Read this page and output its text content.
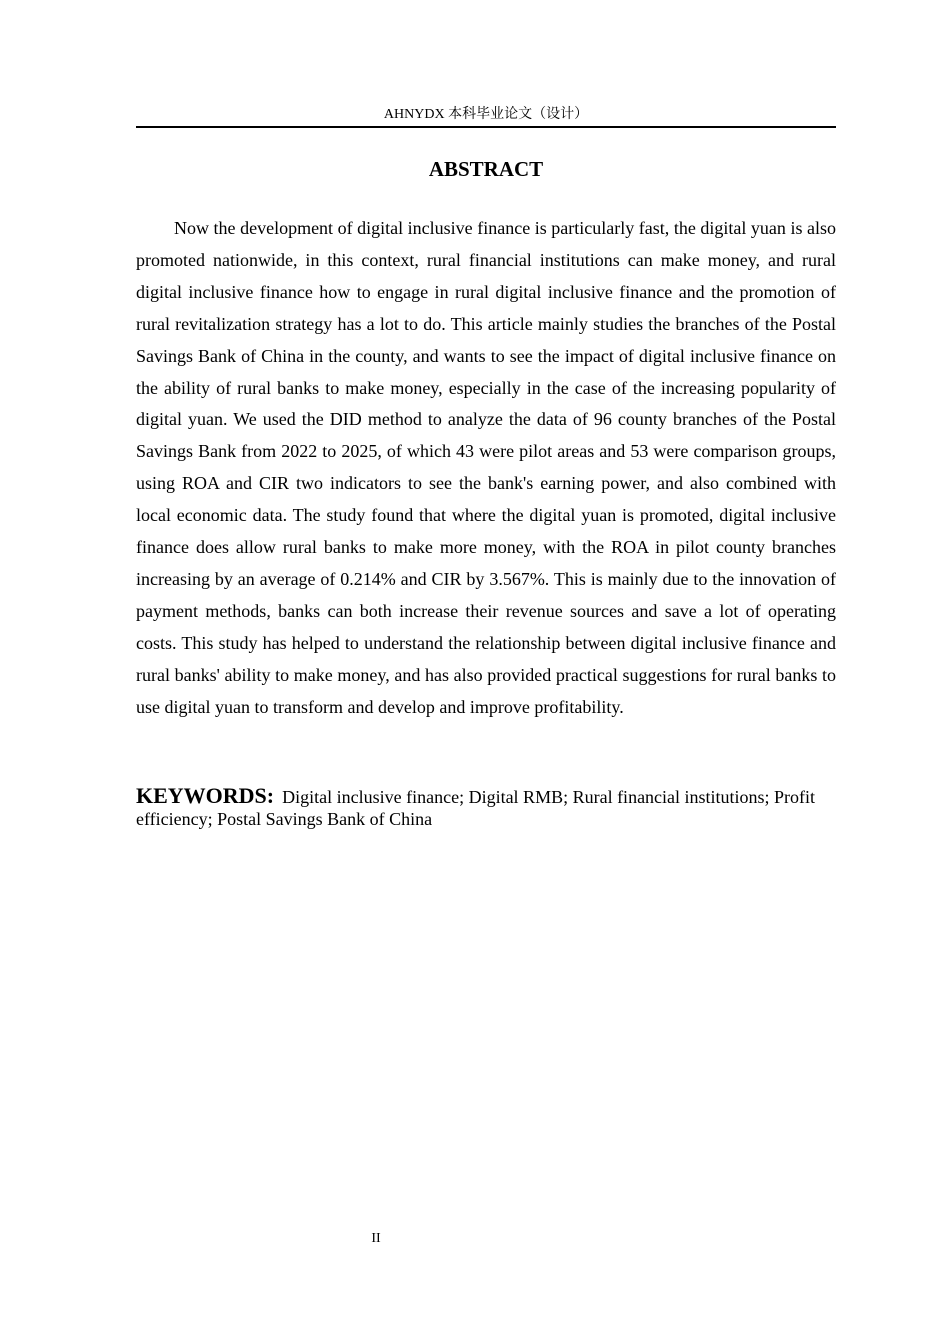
AHNYDX 本科毕业论文（设计）
ABSTRACT

Now the development of digital inclusive finance is particularly fast, the digital yuan is also promoted nationwide, in this context, rural financial institutions can make money, and rural digital inclusive finance how to engage in rural digital inclusive finance and the promotion of rural revitalization strategy has a lot to do. This article mainly studies the branches of the Postal Savings Bank of China in the county, and wants to see the impact of digital inclusive finance on the ability of rural banks to make money, especially in the case of the increasing popularity of digital yuan. We used the DID method to analyze the data of 96 county branches of the Postal Savings Bank from 2022 to 2025, of which 43 were pilot areas and 53 were comparison groups, using ROA and CIR two indicators to see the bank's earning power, and also combined with local economic data. The study found that where the digital yuan is promoted, digital inclusive finance does allow rural banks to make more money, with the ROA in pilot county branches increasing by an average of 0.214% and CIR by 3.567%. This is mainly due to the innovation of payment methods, banks can both increase their revenue sources and save a lot of operating costs. This study has helped to understand the relationship between digital inclusive finance and rural banks' ability to make money, and has also provided practical suggestions for rural banks to use digital yuan to transform and develop and improve profitability.

KEYWORDS: Digital inclusive finance; Digital RMB; Rural financial institutions; Profit efficiency; Postal Savings Bank of China

II
